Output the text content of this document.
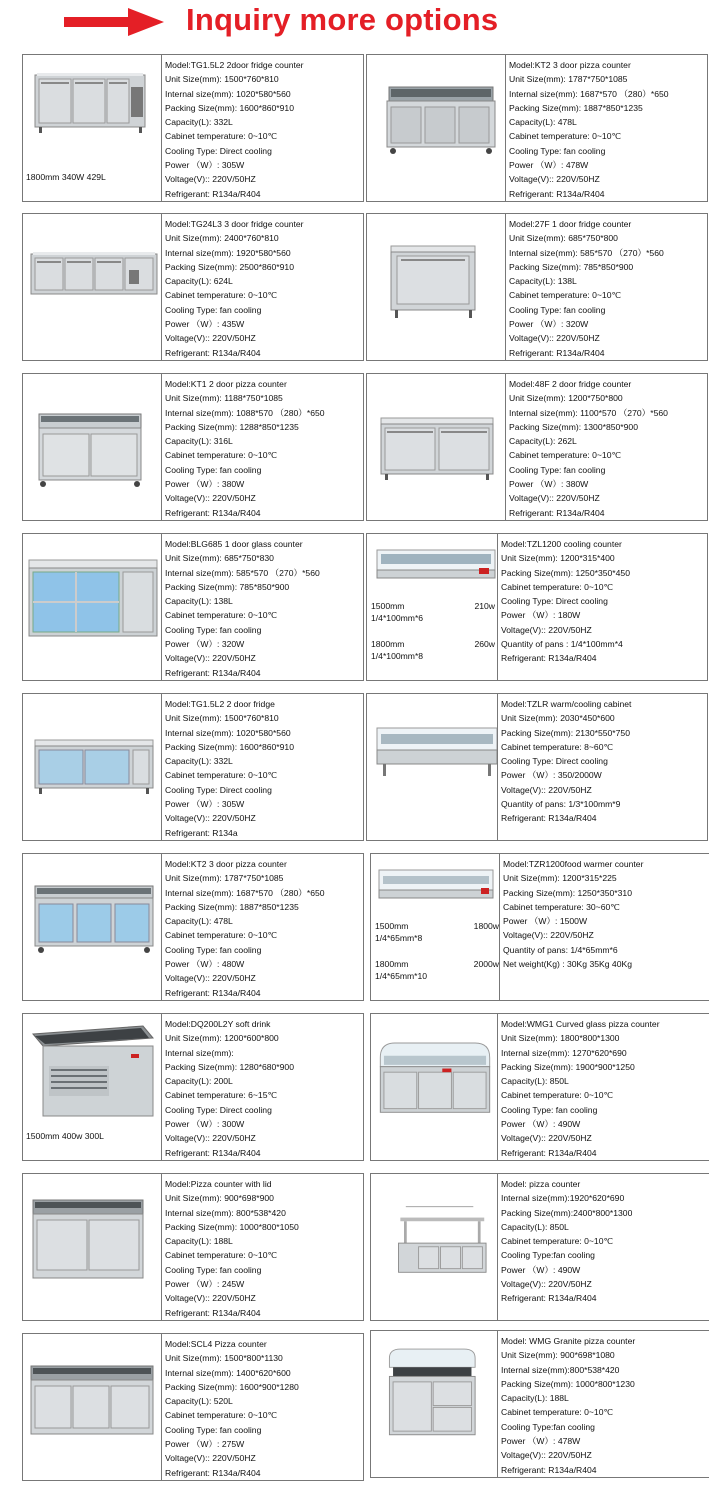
Inquiry more options
1800mm 340W 429L
Model:TG1.5L2 2door fridge counter
Unit Size(mm): 1500*760*810
Internal size(mm): 1020*580*560
Packing Size(mm): 1600*860*910
Capacity(L): 332L
Cabinet temperature: 0~10℃
Cooling Type: Direct cooling
Power （W）: 305W
Voltage(V):: 220V/50HZ
Refrigerant: R134a/R404
Model:KT2 3 door pizza counter
Unit Size(mm): 1787*750*1085
Internal size(mm): 1687*570 （280）*650
Packing Size(mm): 1887*850*1235
Capacity(L): 478L
Cabinet temperature: 0~10℃
Cooling Type: fan cooling
Power （W）: 478W
Voltage(V):: 220V/50HZ
Refrigerant: R134a/R404
Model:TG24L3 3 door fridge counter
Unit Size(mm): 2400*760*810
Internal size(mm): 1920*580*560
Packing Size(mm): 2500*860*910
Capacity(L): 624L
Cabinet temperature: 0~10℃
Cooling Type: fan cooling
Power （W）: 435W
Voltage(V):: 220V/50HZ
Refrigerant: R134a/R404
Model:27F 1 door fridge counter
Unit Size(mm): 685*750*800
Internal size(mm): 585*570 （270）*560
Packing Size(mm): 785*850*900
Capacity(L): 138L
Cabinet temperature: 0~10℃
Cooling Type: fan cooling
Power （W）: 320W
Voltage(V):: 220V/50HZ
Refrigerant: R134a/R404
Model:KT1 2 door pizza counter
Unit Size(mm): 1188*750*1085
Internal size(mm): 1088*570 （280）*650
Packing Size(mm): 1288*850*1235
Capacity(L): 316L
Cabinet temperature: 0~10℃
Cooling Type: fan cooling
Power （W）: 380W
Voltage(V):: 220V/50HZ
Refrigerant: R134a/R404
Model:48F 2 door fridge counter
Unit Size(mm): 1200*750*800
Internal size(mm): 1100*570 （270）*560
Packing Size(mm): 1300*850*900
Capacity(L): 262L
Cabinet temperature: 0~10℃
Cooling Type: fan cooling
Power （W）: 380W
Voltage(V):: 220V/50HZ
Refrigerant: R134a/R404
Model:BLG685 1 door glass counter
Unit Size(mm): 685*750*830
Internal size(mm): 585*570 （270）*560
Packing Size(mm): 785*850*900
Capacity(L): 138L
Cabinet temperature: 0~10℃
Cooling Type: fan cooling
Power （W）: 320W
Voltage(V):: 220V/50HZ
Refrigerant: R134a/R404
1500mm	210w
1/4*100mm*6
1800mm	260w
1/4*100mm*8
Model:TZL1200 cooling counter
Unit Size(mm): 1200*315*400
Packing Size(mm): 1250*350*450
Cabinet temperature: 0~10℃
Cooling Type: Direct cooling
Power （W）: 180W
Voltage(V):: 220V/50HZ
Quantity of pans : 1/4*100mm*4
Refrigerant: R134a/R404
Model:TG1.5L2 2 door fridge
Unit Size(mm): 1500*760*810
Internal size(mm): 1020*580*560
Packing Size(mm): 1600*860*910
Capacity(L): 332L
Cabinet temperature: 0~10℃
Cooling Type: Direct cooling
Power （W）: 305W
Voltage(V):: 220V/50HZ
Refrigerant: R134a
Model:TZLR warm/cooling cabinet
Unit Size(mm): 2030*450*600
Packing Size(mm): 2130*550*750
Cabinet temperature: 8~60℃
Cooling Type: Direct cooling
Power （W）: 350/2000W
Voltage(V):: 220V/50HZ
Quantity of pans: 1/3*100mm*9
Refrigerant: R134a/R404
Model:KT2 3 door pizza counter
Unit Size(mm): 1787*750*1085
Internal size(mm): 1687*570 （280）*650
Packing Size(mm): 1887*850*1235
Capacity(L): 478L
Cabinet temperature: 0~10℃
Cooling Type: fan cooling
Power （W）: 480W
Voltage(V):: 220V/50HZ
Refrigerant: R134a/R404
1500mm	1800w
1/4*65mm*8
1800mm	2000w
1/4*65mm*10
Model:TZR1200food warmer counter
Unit Size(mm): 1200*315*225
Packing Size(mm): 1250*350*310
Cabinet temperature: 30~60℃
Power （W）: 1500W
Voltage(V):: 220V/50HZ
Quantity of pans: 1/4*65mm*6
Net weight(Kg) : 30Kg 35Kg 40Kg
1500mm 400w 300L
Model:DQ200L2Y soft drink
Unit Size(mm): 1200*600*800
Internal size(mm):
Packing Size(mm): 1280*680*900
Capacity(L): 200L
Cabinet temperature: 6~15℃
Cooling Type: Direct cooling
Power （W）: 300W
Voltage(V):: 220V/50HZ
Refrigerant: R134a/R404
Model:WMG1 Curved glass pizza counter
Unit Size(mm): 1800*800*1300
Internal size(mm): 1270*620*690
Packing Size(mm): 1900*900*1250
Capacity(L): 850L
Cabinet temperature: 0~10℃
Cooling Type: fan cooling
Power （W）: 490W
Voltage(V):: 220V/50HZ
Refrigerant: R134a/R404
Model:Pizza counter with lid
Unit Size(mm): 900*698*900
Internal size(mm): 800*538*420
Packing Size(mm): 1000*800*1050
Capacity(L): 188L
Cabinet temperature: 0~10℃
Cooling Type: fan cooling
Power （W）: 245W
Voltage(V):: 220V/50HZ
Refrigerant: R134a/R404
Model: pizza counter
Internal size(mm):1920*620*690
Packing Size(mm):2400*800*1300
Capacity(L): 850L
Cabinet temperature: 0~10℃
Cooling Type:fan cooling
Power （W）: 490W
Voltage(V):: 220V/50HZ
Refrigerant: R134a/R404
Model:SCL4 Pizza counter
Unit Size(mm): 1500*800*1130
Internal size(mm): 1400*620*600
Packing Size(mm): 1600*900*1280
Capacity(L): 520L
Cabinet temperature: 0~10℃
Cooling Type: fan cooling
Power （W）: 275W
Voltage(V):: 220V/50HZ
Refrigerant: R134a/R404
Model: WMG Granite pizza counter
Unit Size(mm): 900*698*1080
Internal size(mm):800*538*420
Packing Size(mm): 1000*800*1230
Capacity(L): 188L
Cabinet temperature: 0~10℃
Cooling Type:fan cooling
Power （W）: 478W
Voltage(V):: 220V/50HZ
Refrigerant: R134a/R404
